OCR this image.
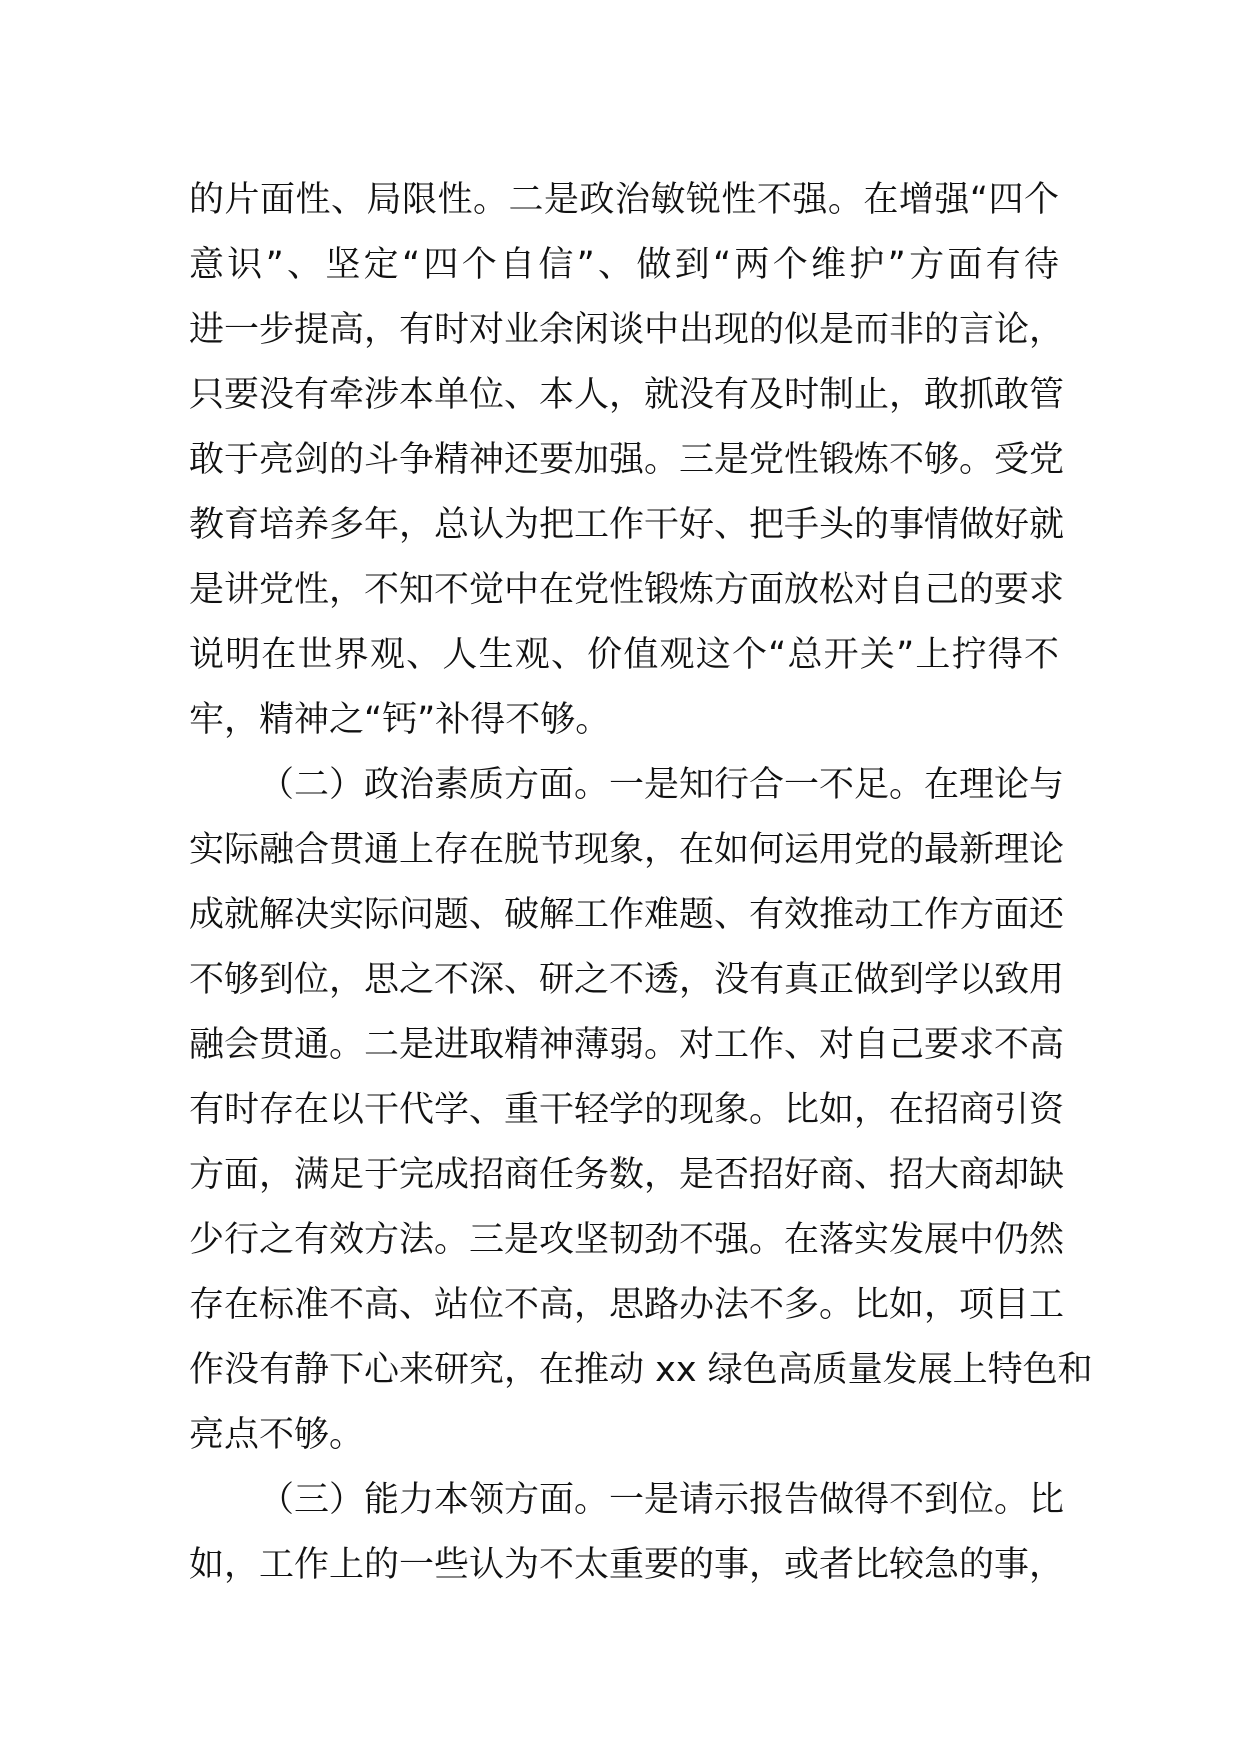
的片面性、局限性。二是政治敏锐性不强。在增强“四个
意识”、坚定“四个自信”、做到“两个维护”方面有待
进一步提高，有时对业余闲谈中出现的似是而非的言论，
只要没有牵涉本单位、本人，就没有及时制止，敢抓敢管
敢于亮剑的斗争精神还要加强。三是党性锻炼不够。受党
教育培养多年，总认为把工作干好、把手头的事情做好就
是讲党性，不知不觉中在党性锻炼方面放松对自己的要求
说明在世界观、人生观、价值观这个“总开关”上拧得不
牢，精神之“钙”补得不够。
（二）政治素质方面。一是知行合一不足。在理论与
实际融合贯通上存在脱节现象，在如何运用党的最新理论
成就解决实际问题、破解工作难题、有效推动工作方面还
不够到位，思之不深、研之不透，没有真正做到学以致用
融会贯通。二是进取精神薄弱。对工作、对自己要求不高
有时存在以干代学、重干轻学的现象。比如，在招商引资
方面，满足于完成招商任务数，是否招好商、招大商却缺
少行之有效方法。三是攻坚韧劲不强。在落实发展中仍然
存在标准不高、站位不高，思路办法不多。比如，项目工
作没有静下心来研究，在推动 xx 绿色高质量发展上特色和
亮点不够。
（三）能力本领方面。一是请示报告做得不到位。比
如，工作上的一些认为不太重要的事，或者比较急的事，
